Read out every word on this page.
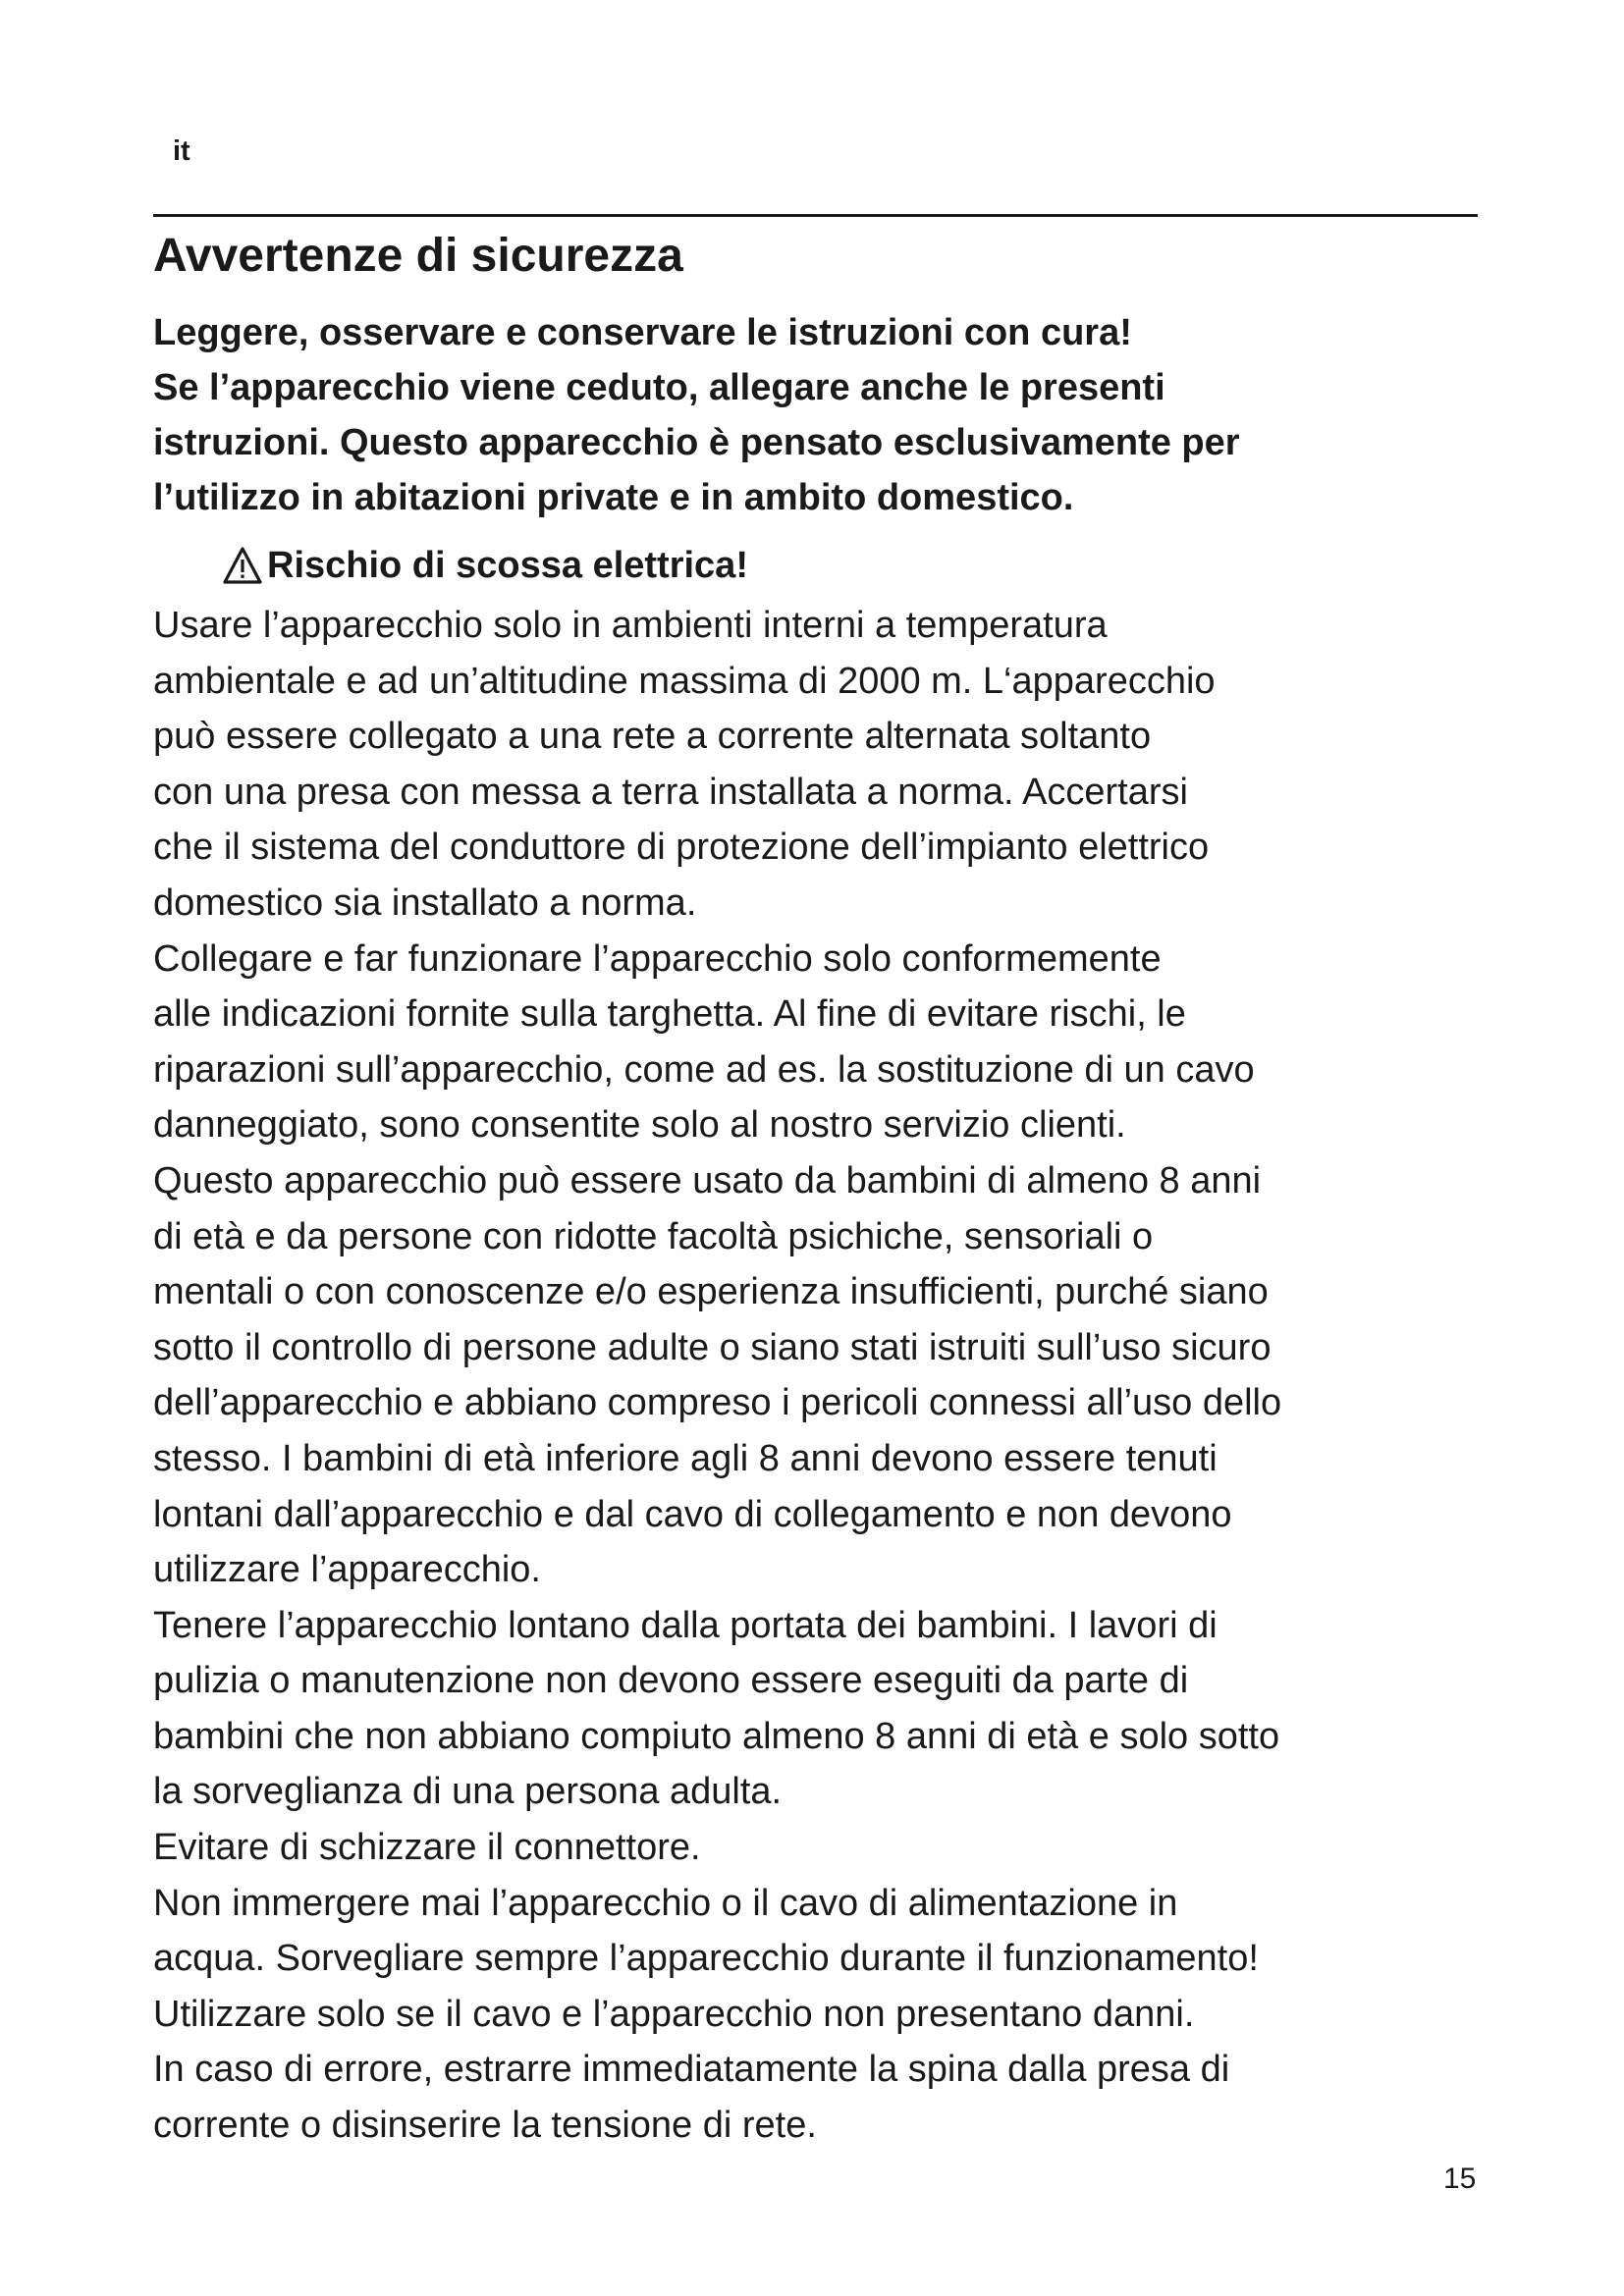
it
Avvertenze di sicurezza
Leggere, osservare e conservare le istruzioni con cura!
Se l’apparecchio viene ceduto, allegare anche le presenti
istruzioni. Questo apparecchio è pensato esclusivamente per
l’utilizzo in abitazioni private e in ambito domestico.
Rischio di scossa elettrica!
Usare l’apparecchio solo in ambienti interni a temperatura
ambientale e ad un’altitudine massima di 2000 m. L‘apparecchio
può essere collegato a una rete a corrente alternata soltanto
con una presa con messa a terra installata a norma. Accertarsi
che il sistema del conduttore di protezione dell’impianto elettrico
domestico sia installato a norma.
Collegare e far funzionare l’apparecchio solo conformemente
alle indicazioni fornite sulla targhetta. Al fine di evitare rischi, le
riparazioni sull’apparecchio, come ad es. la sostituzione di un cavo
danneggiato, sono consentite solo al nostro servizio clienti.
Questo apparecchio può essere usato da bambini di almeno 8 anni
di età e da persone con ridotte facoltà psichiche, sensoriali o
mentali o con conoscenze e/o esperienza insufficienti, purché siano
sotto il controllo di persone adulte o siano stati istruiti sull’uso sicuro
dell’apparecchio e abbiano compreso i pericoli connessi all’uso dello
stesso. I bambini di età inferiore agli 8 anni devono essere tenuti
lontani dall’apparecchio e dal cavo di collegamento e non devono
utilizzare l’apparecchio.
Tenere l’apparecchio lontano dalla portata dei bambini. I lavori di
pulizia o manutenzione non devono essere eseguiti da parte di
bambini che non abbiano compiuto almeno 8 anni di età e solo sotto
la sorveglianza di una persona adulta.
Evitare di schizzare il connettore.
Non immergere mai l’apparecchio o il cavo di alimentazione in
acqua. Sorvegliare sempre l’apparecchio durante il funzionamento!
Utilizzare solo se il cavo e l’apparecchio non presentano danni.
In caso di errore, estrarre immediatamente la spina dalla presa di
corrente o disinserire la tensione di rete.
15
